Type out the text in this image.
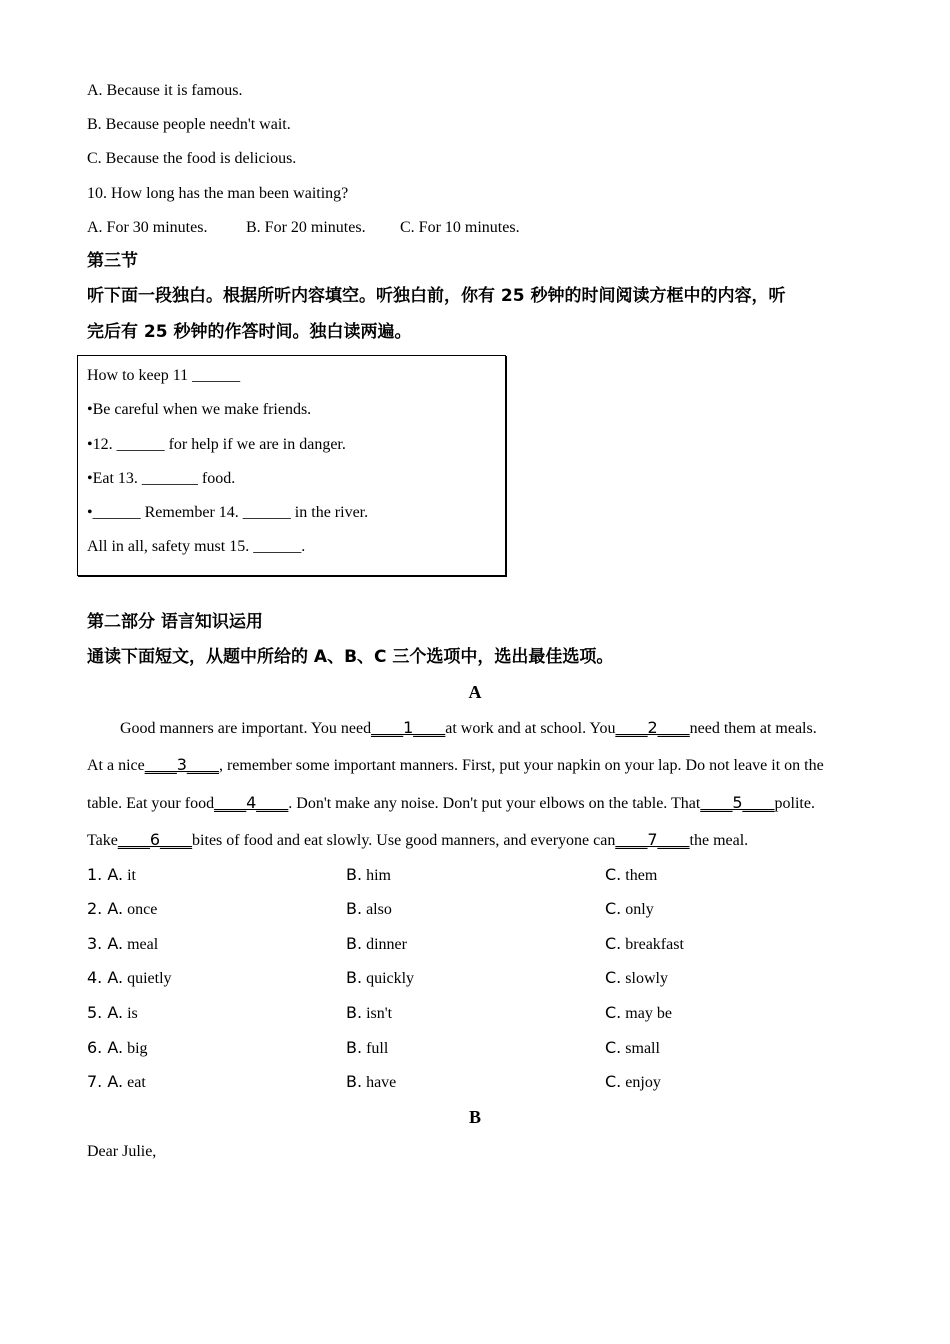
A. Because it is famous.
B. Because people needn't wait.
C. Because the food is delicious.
10. How long has the man been waiting?
A. For 30 minutes. B. For 20 minutes. C. For 10 minutes.
第三节
听下面一段独白。根据所听内容填空。听独白前，你有 25 秒钟的时间阅读方框中的内容，听
完后有 25 秒钟的作答时间。独白读两遍。
How to keep 11 ______
•Be careful when we make friends.
•12. ______ for help if we are in danger.
•Eat 13. _______ food.
•______ Remember 14. ______ in the river.
All in all, safety must 15. ______.
第二部分 语言知识运用
通读下面短文，从题中所给的 A、B、C 三个选项中，选出最佳选项。
A
Good manners are important. You need____1____at work and at school. You____2____need them at meals.
At a nice____3____, remember some important manners. First, put your napkin on your lap. Do not leave it on the
table. Eat your food____4____. Don't make any noise. Don't put your elbows on the table. That____5____polite.
Take____6____bites of food and eat slowly. Use good manners, and everyone can____7____the meal.
1. A. it	B. him	C. them
2. A. once	B. also	C. only
3. A. meal	B. dinner	C. breakfast
4. A. quietly	B. quickly	C. slowly
5. A. is	B. isn't	C. may be
6. A. big	B. full	C. small
7. A. eat	B. have	C. enjoy
B
Dear Julie,
